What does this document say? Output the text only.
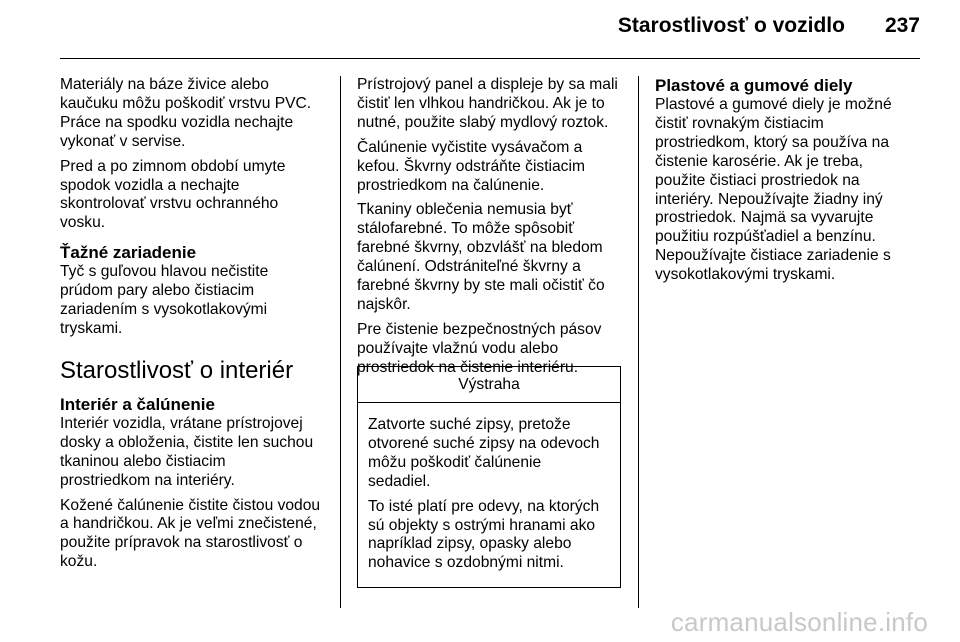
Starostlivosť o vozidlo 237

Materiály na báze živice alebo
kaučuku môžu poškodiť vrstvu PVC.
Práce na spodku vozidla nechajte
vykonať v servise.

Pred a po zimnom období umyte
spodok vozidla a nechajte
skontrolovať vrstvu ochranného
vosku.

Ťažné zariadenie

Tyč s guľovou hlavou nečistite
prúdom pary alebo čistiacim
zariadením s vysokotlakovými
tryskami.

Starostlivosť o interiér
Interiér a čalúnenie

Interiér vozidla, vrátane prístrojovej
dosky a obloženia, čistite len suchou
tkaninou alebo čistiacim
prostriedkom na interiéry.

Kožené čalúnenie čistite čistou vodou
a handričkou. Ak je veľmi znečistené,
použite prípravok na starostlivosť o
kožu.

Prístrojový panel a displeje by sa mali
čistiť len vlhkou handričkou. Ak je to
nutné, použite slabý mydlový roztok.

Čalúnenie vyčistite vysávačom a
kefou. Škvrny odstráňte čistiacim
prostriedkom na čalúnenie.

Tkaniny oblečenia nemusia byť
stálofarebné. To môže spôsobiť
farebné škvrny, obzvlášť na bledom
čalúnení. Odstrániteľné škvrny a
farebné škvrny by ste mali očistiť čo
najskôr.

Pre čistenie bezpečnostných pásov
používajte vlažnú vodu alebo
prostriedok na čistenie interiéru.

Výstraha

Zatvorte suché zipsy, pretože
otvorené suché zipsy na odevoch
môžu poškodiť čalúnenie
sedadiel.

To isté platí pre odevy, na ktorých
sú objekty s ostrými hranami ako
napríklad zipsy, opasky alebo
nohavice s ozdobnými nitmi.

Plastové a gumové diely

Plastové a gumové diely je možné
čistiť rovnakým čistiacim
prostriedkom, ktorý sa používa na
čistenie karosérie. Ak je treba,
použite čistiaci prostriedok na
interiéry. Nepoužívajte žiadny iný
prostriedok. Najmä sa vyvarujte
použitiu rozpúšťadiel a benzínu.
Nepoužívajte čistiace zariadenie s
vysokotlakovými tryskami.

carmanualsonline.info
